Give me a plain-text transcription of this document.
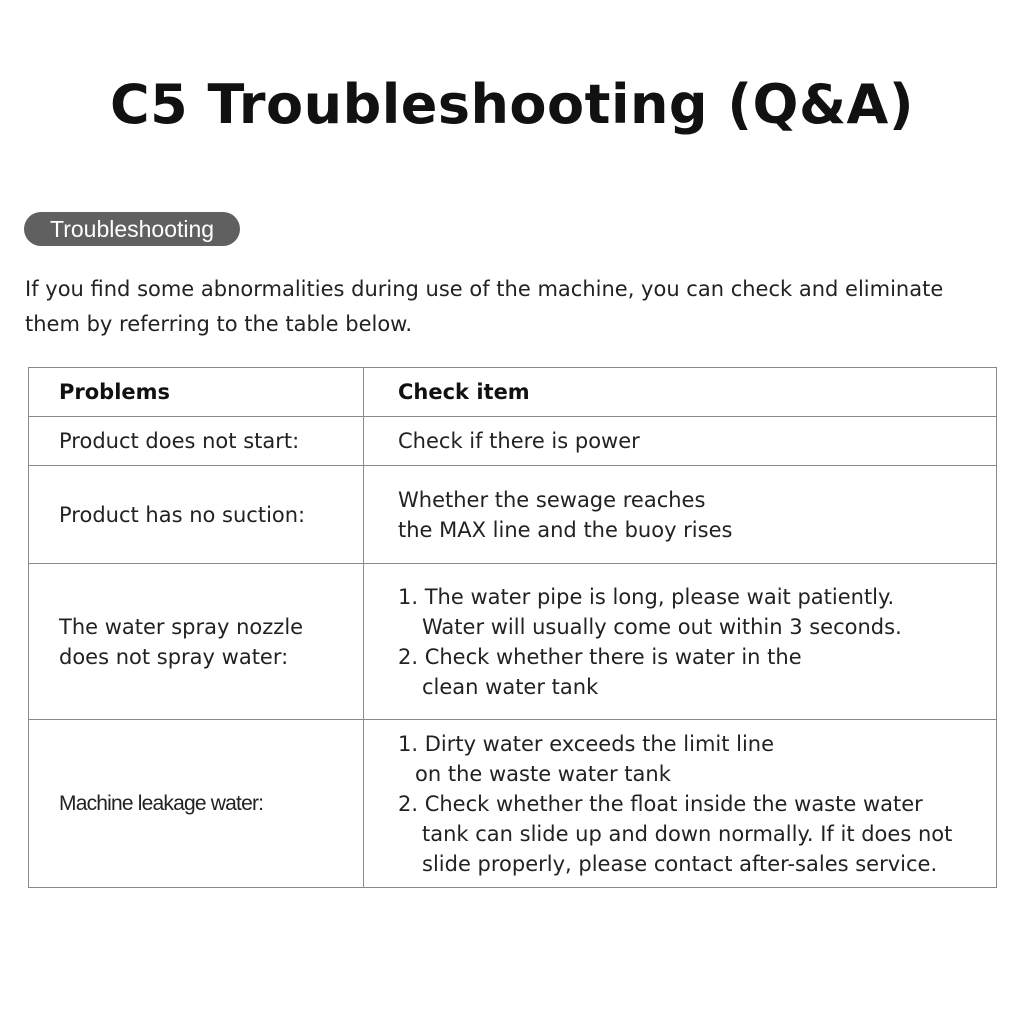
C5 Troubleshooting (Q&A)
Troubleshooting
If you find some abnormalities during use of the machine, you can check and eliminate
them by referring to the table below.
Problems	Check item

Product does not start:	Check if there is power

Product has no suction:	Whether the sewage reaches
the MAX line and the buoy rises

The water spray nozzle
does not spray water:	1. The water pipe is long, please wait patiently.
Water will usually come out within 3 seconds.
2. Check whether there is water in the
clean water tank

Machine leakage water:	1. Dirty water exceeds the limit line
on the waste water tank
2. Check whether the float inside the waste water
tank can slide up and down normally. If it does not
slide properly, please contact after-sales service.
